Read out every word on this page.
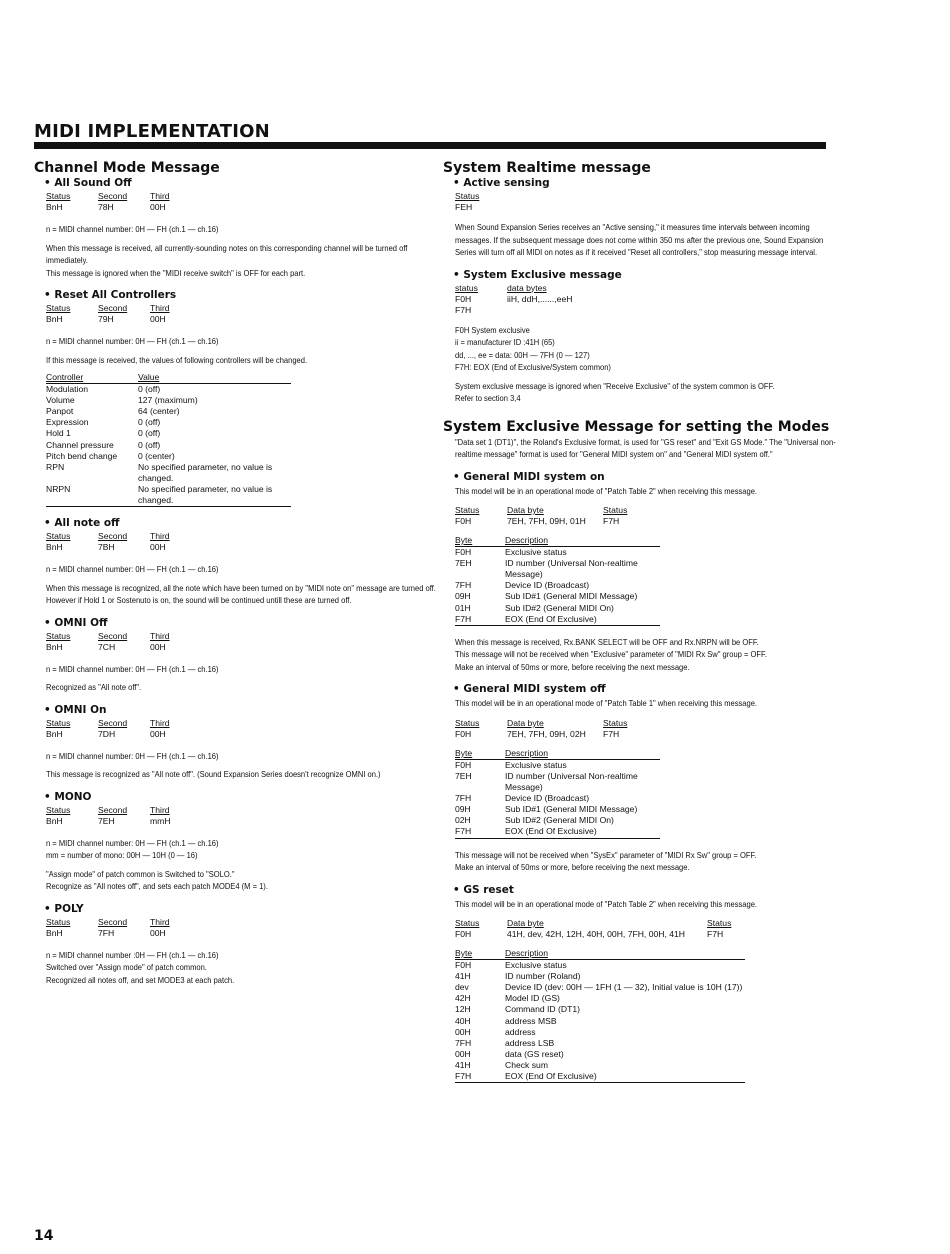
MIDI IMPLEMENTATION
Channel Mode Message
• All Sound Off
Status	Second	Third
BnH	78H	00H

n = MIDI channel number: 0H — FH (ch.1 — ch.16)

When this message is received, all currently-sounding notes on this corresponding channel will be turned off immediately.

This message is ignored when the "MIDI receive switch" is OFF for each part.

• Reset All Controllers
Status	Second	Third
BnH	79H	00H

n = MIDI channel number: 0H — FH (ch.1 — ch.16)

If this message is received, the values of following controllers will be changed.

Controller	Value
Modulation	0 (off)
Volume	127 (maximum)
Panpot	64 (center)
Expression	0 (off)
Hold 1	0 (off)
Channel pressure	0 (off)
Pitch bend change	0 (center)
RPN	No specified parameter, no value is changed.
NRPN	No specified parameter, no value is changed.
• All note off
Status	Second	Third
BnH	7BH	00H

n = MIDI channel number: 0H — FH (ch.1 — ch.16)

When this message is recognized, all the note which have been turned on by "MIDI note on" message are turned off.

However if Hold 1 or Sostenuto is on, the sound will be continued untill these are turned off.

• OMNI Off
Status	Second	Third
BnH	7CH	00H

n = MIDI channel number: 0H — FH (ch.1 — ch.16)

Recognized as "All note off".

• OMNI On
Status	Second	Third
BnH	7DH	00H

n = MIDI channel number: 0H — FH (ch.1 — ch.16)

This message is recognized as "All note off". (Sound Expansion Series doesn't recognize OMNI on.)

• MONO
Status	Second	Third
BnH	7EH	mmH

n = MIDI channel number: 0H — FH (ch.1 — ch.16)

mm = number of mono: 00H — 10H (0 — 16)

"Assign mode" of patch common is Switched to "SOLO."

Recognize as "All notes off", and sets each patch MODE4 (M = 1).

• POLY
Status	Second	Third
BnH	7FH	00H

n = MIDI channel number :0H — FH (ch.1 — ch.16)

Switched over "Assign mode" of patch common.

Recognized all notes off, and set MODE3 at each patch.

System Realtime message
• Active sensing
Status
FEH

When Sound Expansion Series receives an "Active sensing," it measures time intervals between incoming messages. If the subsequent message does not come within 350 ms after the previous one, Sound Expansion Series will turn off all MIDI on notes as if it received "Reset all controllers," stop measuring message interval.

• System Exclusive message
status	data bytes
F0H	iiH, ddH,......,eeH
F7H

F0H System exclusive

ii = manufacturer ID :41H (65)

dd, ..., ee = data: 00H — 7FH (0 — 127)

F7H: EOX (End of Exclusive/System common)

System exclusive message is ignored when "Receive Exclusive" of the system common is OFF.

Refer to section 3,4

System Exclusive Message for setting the Modes

"Data set 1 (DT1)", the Roland's Exclusive format, is used for "GS reset" and "Exit GS Mode." The "Universal non-realtime message" format is used for "General MIDI system on" and "General MIDI system off."

• General MIDI system on

This model will be in an operational mode of "Patch Table 2" when receiving this message.

Status	Data byte	Status
F0H	7EH, 7FH, 09H, 01H	F7H
Byte	Description
F0H	Exclusive status
7EH	ID number (Universal Non-realtime Message)
7FH	Device ID (Broadcast)
09H	Sub ID#1 (General MIDI Message)
01H	Sub ID#2 (General MIDI On)
F7H	EOX (End Of Exclusive)

When this message is received, Rx.BANK SELECT will be OFF and Rx.NRPN will be OFF.

This message will not be received when "Exclusive" parameter of "MIDI Rx Sw" group = OFF.

Make an interval of 50ms or more, before receiving the next message.

• General MIDI system off

This model will be in an operational mode of "Patch Table 1" when receiving this message.

Status	Data byte	Status
F0H	7EH, 7FH, 09H, 02H	F7H
Byte	Description
F0H	Exclusive status
7EH	ID number (Universal Non-realtime Message)
7FH	Device ID (Broadcast)
09H	Sub ID#1 (General MIDI Message)
02H	Sub ID#2 (General MIDI On)
F7H	EOX (End Of Exclusive)

This message will not be received when "SysEx" parameter of "MIDI Rx Sw" group = OFF.

Make an interval of 50ms or more, before receiving the next message.

• GS reset

This model will be in an operational mode of "Patch Table 2" when receiving this message.

Status	Data byte	Status
F0H	41H, dev, 42H, 12H, 40H, 00H, 7FH, 00H, 41H	F7H
Byte	Description
F0H	Exclusive status
41H	ID number (Roland)
dev	Device ID (dev: 00H — 1FH (1 — 32), Initial value is 10H (17))
42H	Model ID (GS)
12H	Command ID (DT1)
40H	address MSB
00H	address
7FH	address LSB
00H	data (GS reset)
41H	Check sum
F7H	EOX (End Of Exclusive)
14
